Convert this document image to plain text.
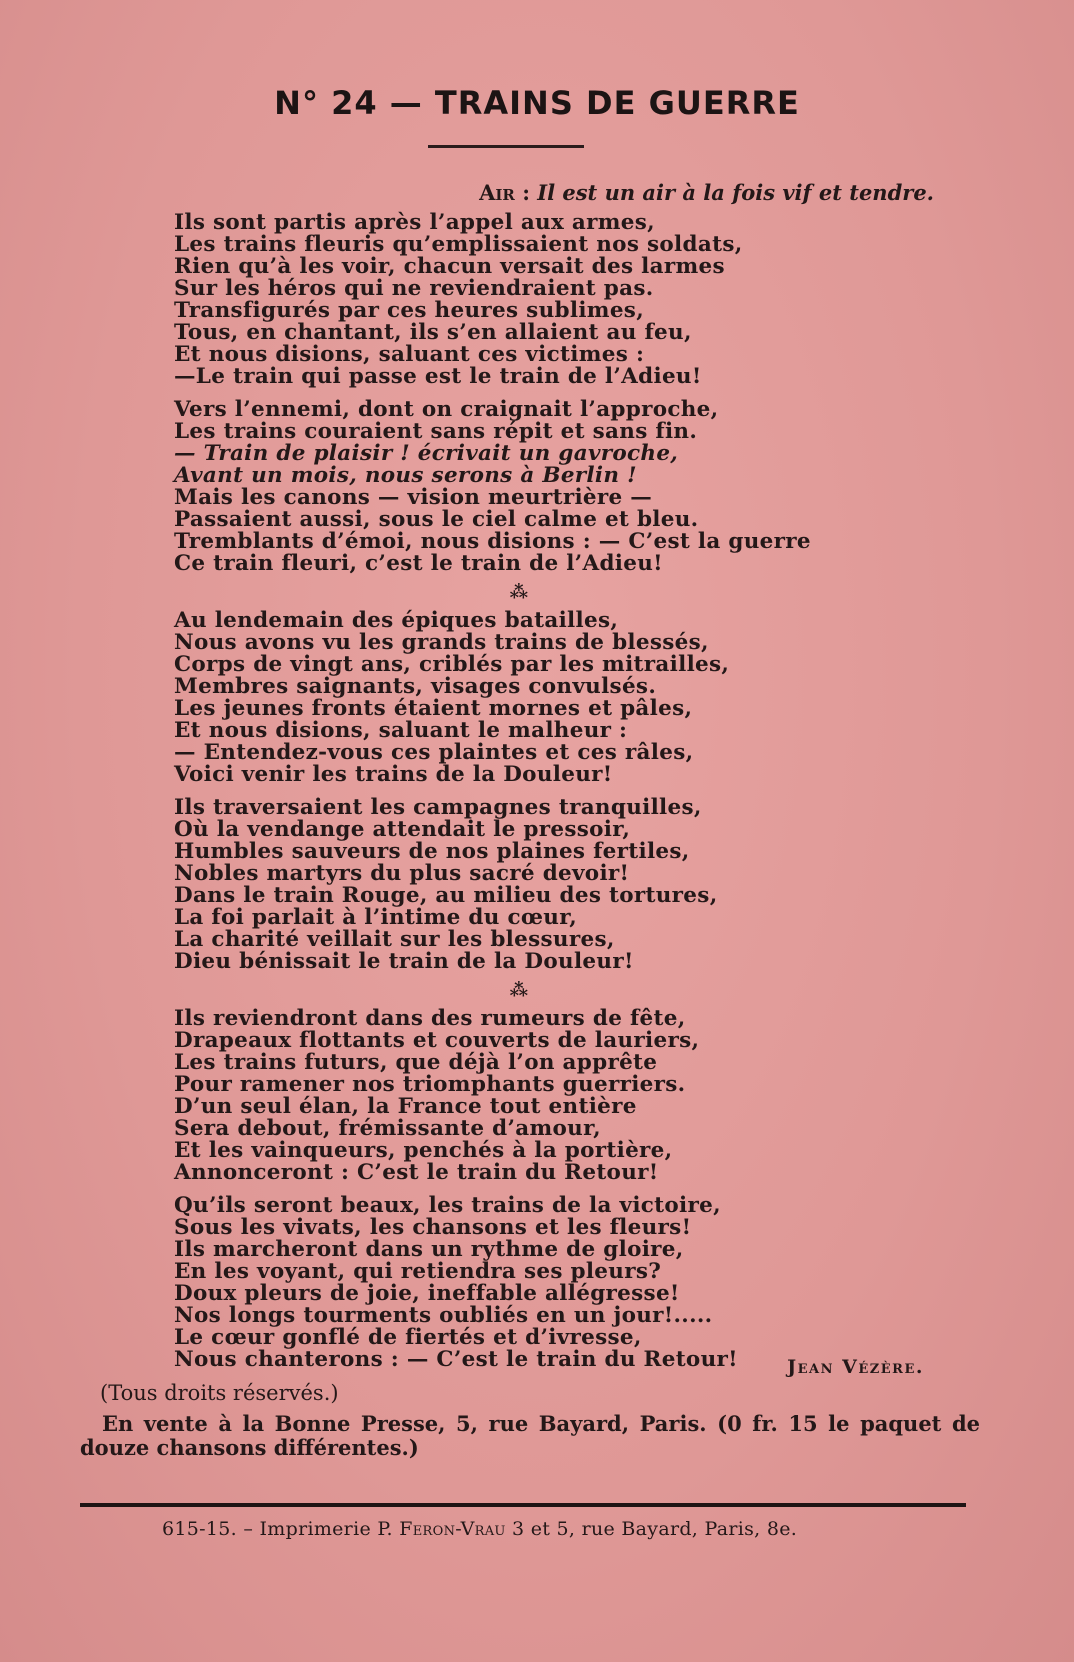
N° 24 — TRAINS DE GUERRE
Air : Il est un air à la fois vif et tendre.
Ils sont partis après l’appel aux armes,
Les trains fleuris qu’emplissaient nos soldats,
Rien qu’à les voir, chacun versait des larmes
Sur les héros qui ne reviendraient pas.
Transfigurés par ces heures sublimes,
Tous, en chantant, ils s’en allaient au feu,
Et nous disions, saluant ces victimes :
—Le train qui passe est le train de l’Adieu!
Vers l’ennemi, dont on craignait l’approche,
Les trains couraient sans répit et sans fin.
— Train de plaisir ! écrivait un gavroche,
Avant un mois, nous serons à Berlin !
Mais les canons — vision meurtrière —
Passaient aussi, sous le ciel calme et bleu.
Tremblants d’émoi, nous disions : — C’est la guerre
Ce train fleuri, c’est le train de l’Adieu!
⁂
Au lendemain des épiques batailles,
Nous avons vu les grands trains de blessés,
Corps de vingt ans, criblés par les mitrailles,
Membres saignants, visages convulsés.
Les jeunes fronts étaient mornes et pâles,
Et nous disions, saluant le malheur :
— Entendez-vous ces plaintes et ces râles,
Voici venir les trains de la Douleur!
Ils traversaient les campagnes tranquilles,
Où la vendange attendait le pressoir,
Humbles sauveurs de nos plaines fertiles,
Nobles martyrs du plus sacré devoir!
Dans le train Rouge, au milieu des tortures,
La foi parlait à l’intime du cœur,
La charité veillait sur les blessures,
Dieu bénissait le train de la Douleur!
⁂
Ils reviendront dans des rumeurs de fête,
Drapeaux flottants et couverts de lauriers,
Les trains futurs, que déjà l’on apprête
Pour ramener nos triomphants guerriers.
D’un seul élan, la France tout entière
Sera debout, frémissante d’amour,
Et les vainqueurs, penchés à la portière,
Annonceront : C’est le train du Retour!
Qu’ils seront beaux, les trains de la victoire,
Sous les vivats, les chansons et les fleurs!
Ils marcheront dans un rythme de gloire,
En les voyant, qui retiendra ses pleurs?
Doux pleurs de joie, ineffable allégresse!
Nos longs tourments oubliés en un jour!.....
Le cœur gonflé de fiertés et d’ivresse,
Nous chanterons : — C’est le train du Retour!	Jean Vézère.
(Tous droits réservés.)
En vente à la Bonne Presse, 5, rue Bayard, Paris. (0 fr. 15 le paquet de douze chansons différentes.)
615-15. – Imprimerie P. Feron-Vrau 3 et 5, rue Bayard, Paris, 8e.
